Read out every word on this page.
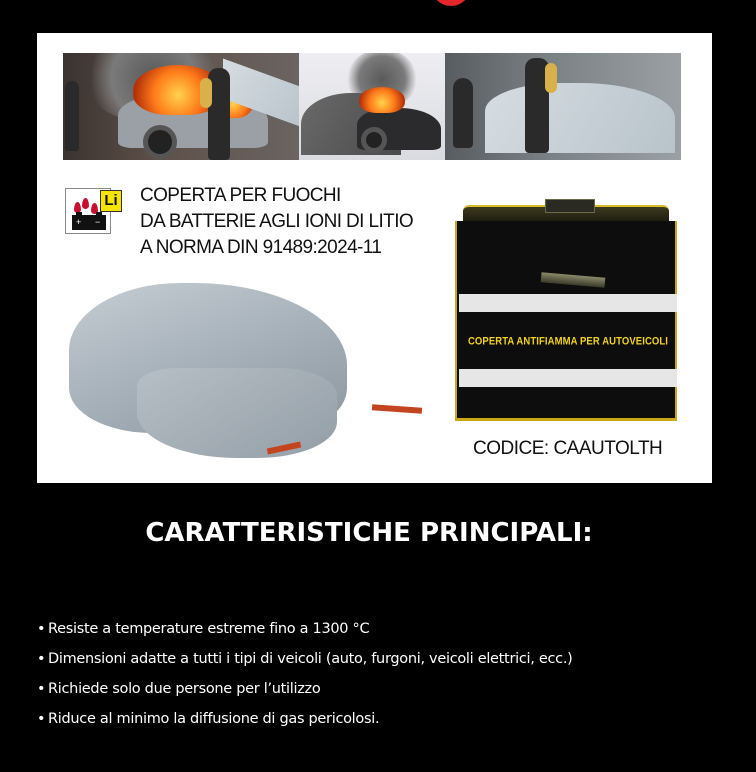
+ −
Li COPERTA PER FUOCHI
DA BATTERIE AGLI IONI DI LITIO
A NORMA DIN 91489:2024-11
COPERTA ANTIFIAMMA PER AUTOVEICOLI
CODICE: CAAUTOLTH
CARATTERISTICHE PRINCIPALI:
• Resiste a temperature estreme fino a 1300 °C
• Dimensioni adatte a tutti i tipi di veicoli (auto, furgoni, veicoli elettrici, ecc.)
• Richiede solo due persone per l’utilizzo
• Riduce al minimo la diffusione di gas pericolosi.
